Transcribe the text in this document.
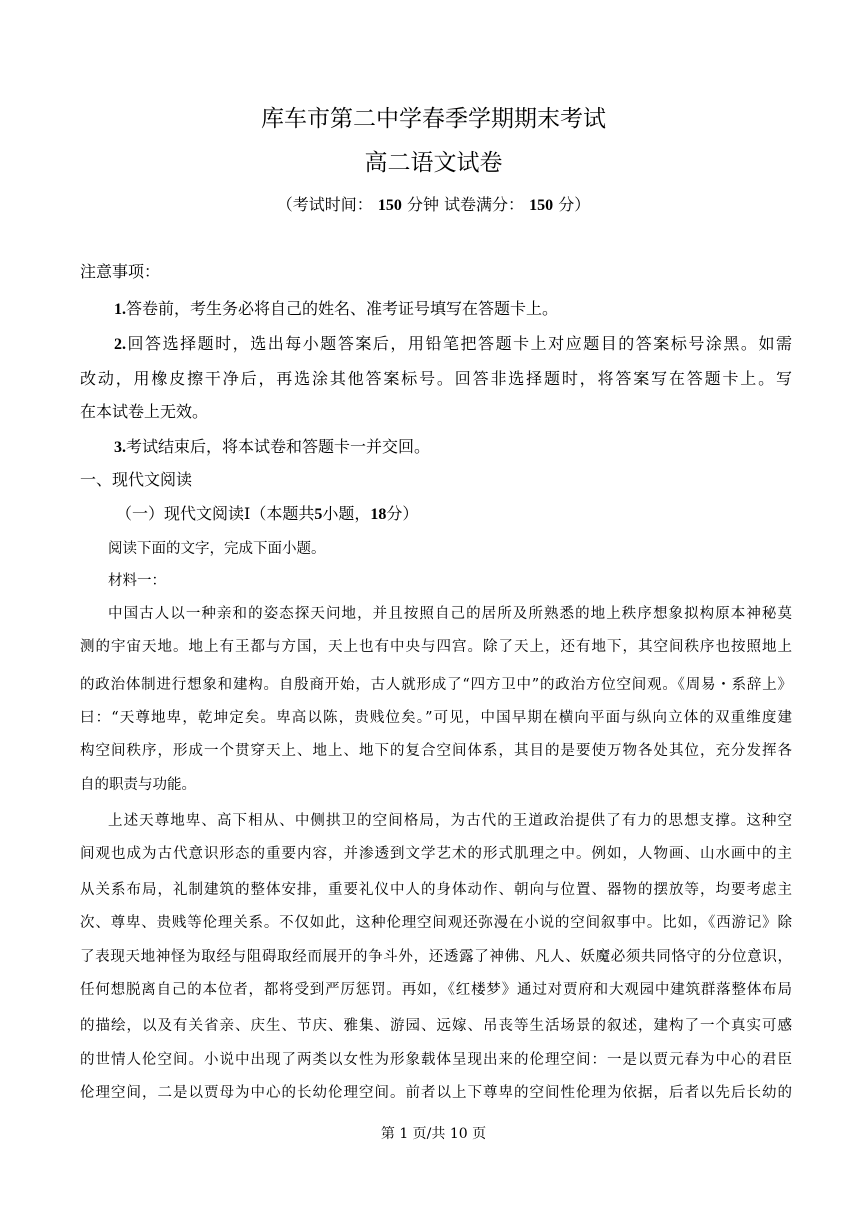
库车市第二中学春季学期期末考试
高二语文试卷
（考试时间： 150 分钟 试卷满分： 150 分）
注意事项：
1.答卷前，考生务必将自己的姓名、准考证号填写在答题卡上。
2.回答选择题时，选出每小题答案后，用铅笔把答题卡上对应题目的答案标号涂黑。如需
改动，用橡皮擦干净后，再选涂其他答案标号。回答非选择题时，将答案写在答题卡上。写
在本试卷上无效。
3.考试结束后，将本试卷和答题卡一并交回。
一、现代文阅读
（一）现代文阅读Ⅰ（本题共5小题，18分）
阅读下面的文字，完成下面小题。
材料一：
中国古人以一种亲和的姿态探天问地，并且按照自己的居所及所熟悉的地上秩序想象拟构原本神秘莫
测的宇宙天地。地上有王都与方国，天上也有中央与四宫。除了天上，还有地下，其空间秩序也按照地上
的政治体制进行想象和建构。自殷商开始，古人就形成了“四方卫中”的政治方位空间观。《周易・系辞上》
曰：“天尊地卑，乾坤定矣。卑高以陈，贵贱位矣。”可见，中国早期在横向平面与纵向立体的双重维度建
构空间秩序，形成一个贯穿天上、地上、地下的复合空间体系，其目的是要使万物各处其位，充分发挥各
自的职责与功能。
上述天尊地卑、高下相从、中侧拱卫的空间格局，为古代的王道政治提供了有力的思想支撑。这种空
间观也成为古代意识形态的重要内容，并渗透到文学艺术的形式肌理之中。例如，人物画、山水画中的主
从关系布局，礼制建筑的整体安排，重要礼仪中人的身体动作、朝向与位置、器物的摆放等，均要考虑主
次、尊卑、贵贱等伦理关系。不仅如此，这种伦理空间观还弥漫在小说的空间叙事中。比如，《西游记》除
了表现天地神怪为取经与阻碍取经而展开的争斗外，还透露了神佛、凡人、妖魔必须共同恪守的分位意识，
任何想脱离自己的本位者，都将受到严厉惩罚。再如，《红楼梦》通过对贾府和大观园中建筑群落整体布局
的描绘，以及有关省亲、庆生、节庆、雅集、游园、远嫁、吊丧等生活场景的叙述，建构了一个真实可感
的世情人伦空间。小说中出现了两类以女性为形象载体呈现出来的伦理空间：一是以贾元春为中心的君臣
伦理空间，二是以贾母为中心的长幼伦理空间。前者以上下尊卑的空间性伦理为依据，后者以先后长幼的
第 1 页/共 10 页
